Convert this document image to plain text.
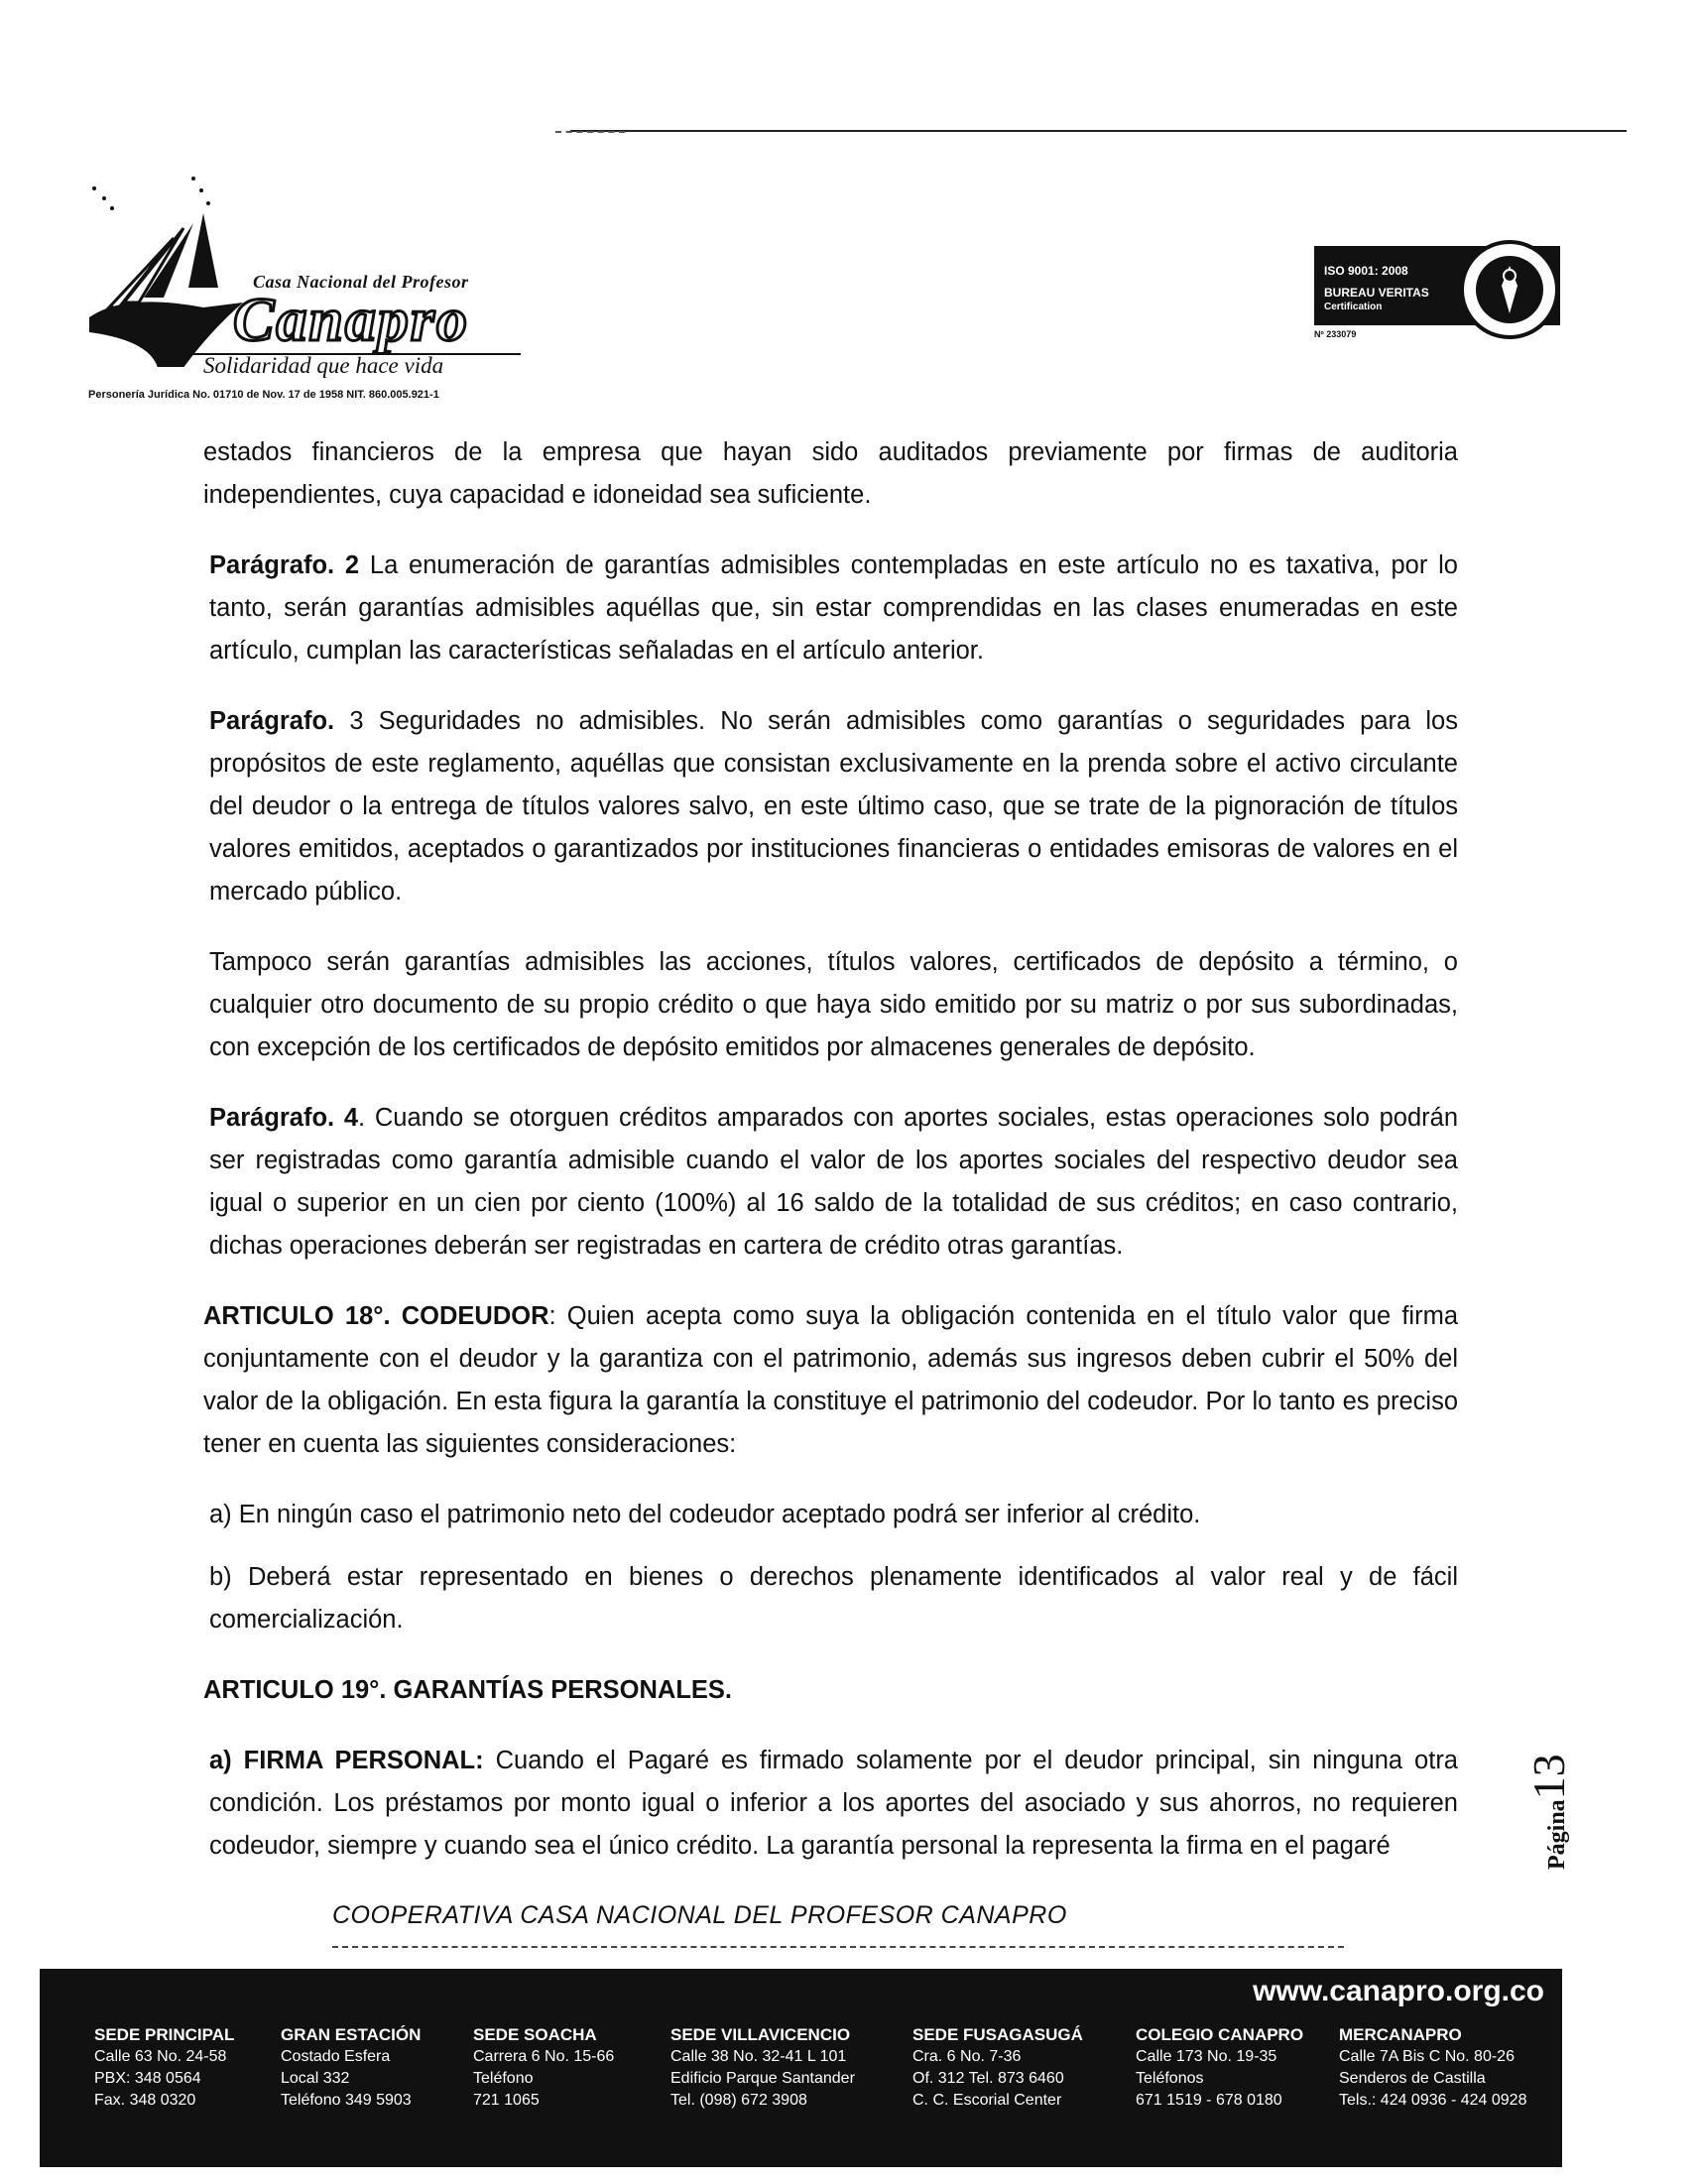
Casa Nacional del Profesor
Canapro
Solidaridad que hace vida
Personería Jurídica No. 01710 de Nov. 17 de 1958 NIT. 860.005.921-1
ISO 9001: 2008
BUREAU VERITAS
Certification
Nº 233079

estados financieros de la empresa que hayan sido auditados previamente por firmas de auditoria independientes, cuya capacidad e idoneidad sea suficiente.

Parágrafo. 2 La enumeración de garantías admisibles contempladas en este artículo no es taxativa, por lo tanto, serán garantías admisibles aquéllas que, sin estar comprendidas en las clases enumeradas en este artículo, cumplan las características señaladas en el artículo anterior.

Parágrafo. 3 Seguridades no admisibles. No serán admisibles como garantías o seguridades para los propósitos de este reglamento, aquéllas que consistan exclusivamente en la prenda sobre el activo circulante del deudor o la entrega de títulos valores salvo, en este último caso, que se trate de la pignoración de títulos valores emitidos, aceptados o garantizados por instituciones financieras o entidades emisoras de valores en el mercado público.

Tampoco serán garantías admisibles las acciones, títulos valores, certificados de depósito a término, o cualquier otro documento de su propio crédito o que haya sido emitido por su matriz o por sus subordinadas, con excepción de los certificados de depósito emitidos por almacenes generales de depósito.

Parágrafo. 4. Cuando se otorguen créditos amparados con aportes sociales, estas operaciones solo podrán ser registradas como garantía admisible cuando el valor de los aportes sociales del respectivo deudor sea igual o superior en un cien por ciento (100%) al 16 saldo de la totalidad de sus créditos; en caso contrario, dichas operaciones deberán ser registradas en cartera de crédito otras garantías.

ARTICULO 18°. CODEUDOR: Quien acepta como suya la obligación contenida en el título valor que firma conjuntamente con el deudor y la garantiza con el patrimonio, además sus ingresos deben cubrir el 50% del valor de la obligación. En esta figura la garantía la constituye el patrimonio del codeudor. Por lo tanto es preciso tener en cuenta las siguientes consideraciones:

a) En ningún caso el patrimonio neto del codeudor aceptado podrá ser inferior al crédito.

b) Deberá estar representado en bienes o derechos plenamente identificados al valor real y de fácil comercialización.

ARTICULO 19°. GARANTÍAS PERSONALES.

a) FIRMA PERSONAL: Cuando el Pagaré es firmado solamente por el deudor principal, sin ninguna otra condición. Los préstamos por monto igual o inferior a los aportes del asociado y sus ahorros, no requieren codeudor, siempre y cuando sea el único crédito. La garantía personal la representa la firma en el pagaré	Página13
COOPERATIVA CASA NACIONAL DEL PROFESOR CANAPRO
www.canapro.org.co
SEDE PRINCIPAL
Calle 63 No. 24-58
PBX: 348 0564
Fax. 348 0320
GRAN ESTACIÓN
Costado Esfera
Local 332
Teléfono 349 5903
SEDE SOACHA
Carrera 6 No. 15-66
Teléfono
721 1065
SEDE VILLAVICENCIO
Calle 38 No. 32-41 L 101
Edificio Parque Santander
Tel. (098) 672 3908
SEDE FUSAGASUGÁ
Cra. 6 No. 7-36
Of. 312 Tel. 873 6460
C. C. Escorial Center
COLEGIO CANAPRO
Calle 173 No. 19-35
Teléfonos
671 1519 - 678 0180
MERCANAPRO
Calle 7A Bis C No. 80-26
Senderos de Castilla
Tels.: 424 0936 - 424 0928
